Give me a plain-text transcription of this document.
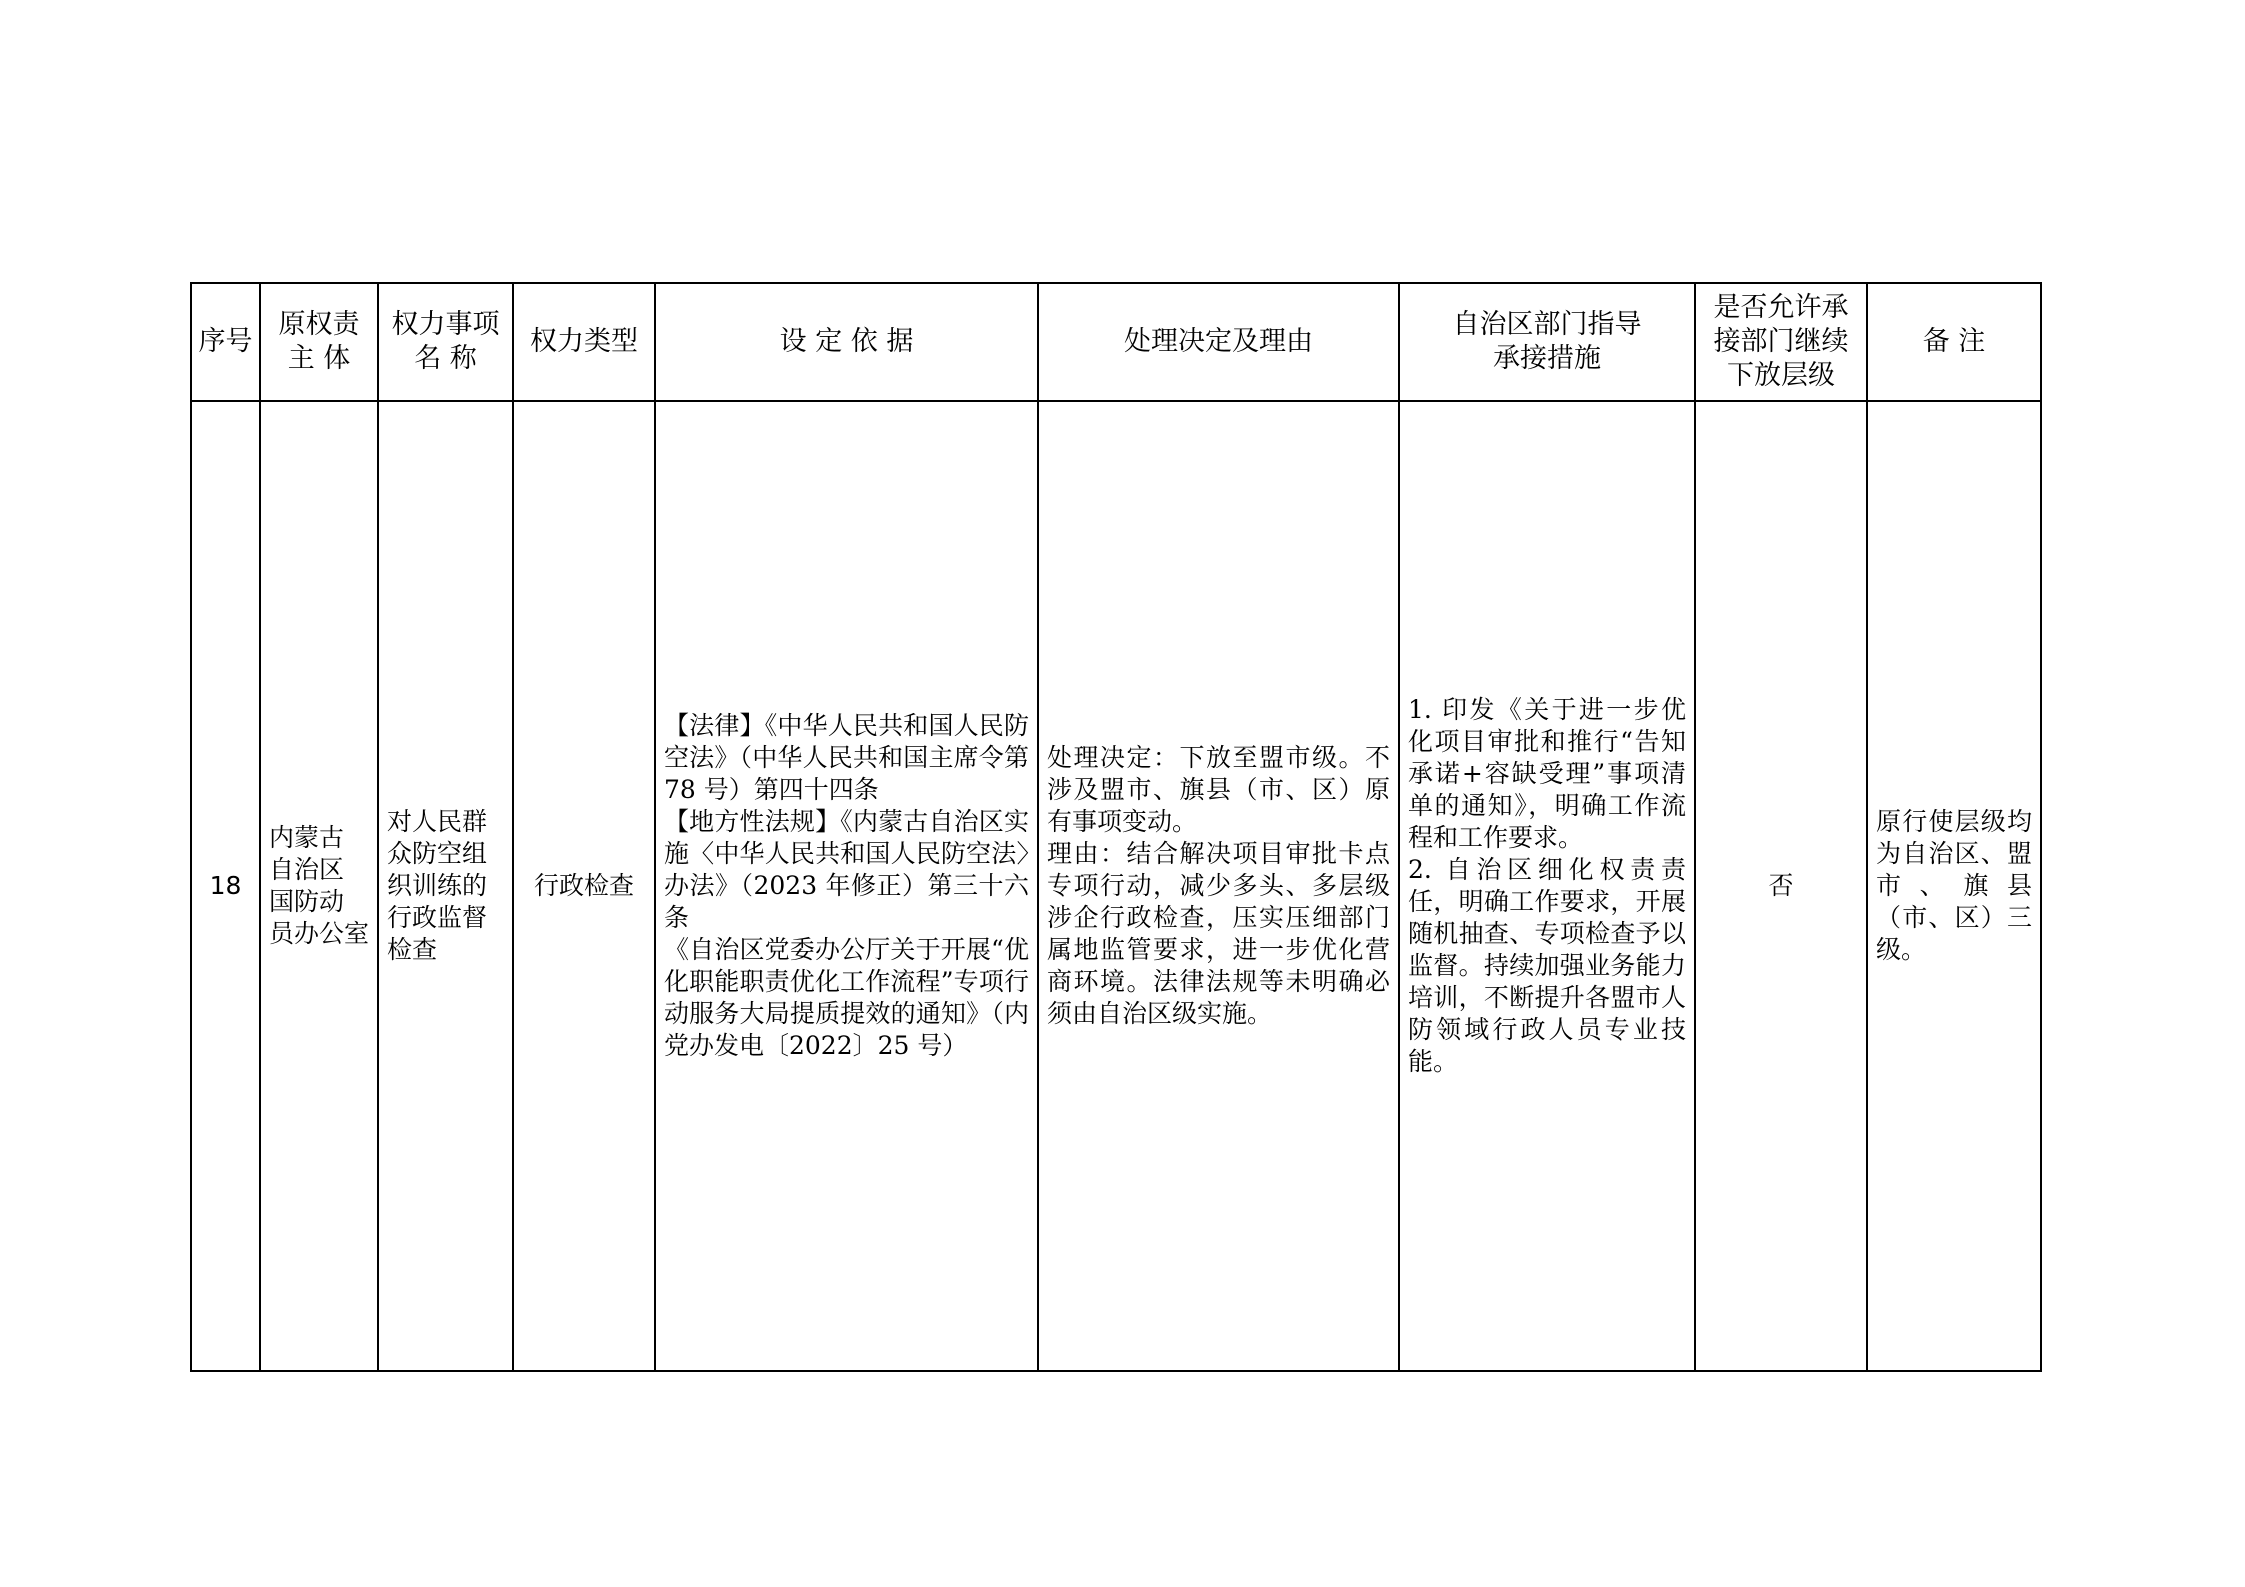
序号	原权责
主 体	权力事项
名 称	权力类型	设 定 依 据	处理决定及理由	自治区部门指导
承接措施	是否允许承
接部门继续
下放层级	备 注

18	内蒙古
自治区
国防动
员办公室	对人民群
众防空组
织训练的
行政监督
检查	行政检查	【法律】《中华人民共和国人民防空法》（中华人民共和国主席令第 78 号）第四十四条
【地方性法规】《内蒙古自治区实施〈中华人民共和国人民防空法〉办法》（2023 年修正）第三十六条
《自治区党委办公厅关于开展“优化职能职责优化工作流程”专项行动服务大局提质提效的通知》（内党办发电〔2022〕25 号）	处理决定：下放至盟市级。不涉及盟市、旗县（市、区）原有事项变动。
理由：结合解决项目审批卡点专项行动，减少多头、多层级涉企行政检查，压实压细部门属地监管要求，进一步优化营商环境。法律法规等未明确必须由自治区级实施。	1. 印发《关于进一步优化项目审批和推行“告知承诺+容缺受理”事项清单的通知》，明确工作流程和工作要求。
2. 自治区细化权责责任，明确工作要求，开展随机抽查、专项检查予以监督。持续加强业务能力培训，不断提升各盟市人防领域行政人员专业技能。	否	原行使层级均为自治区、盟市、旗县（市、区）三级。
